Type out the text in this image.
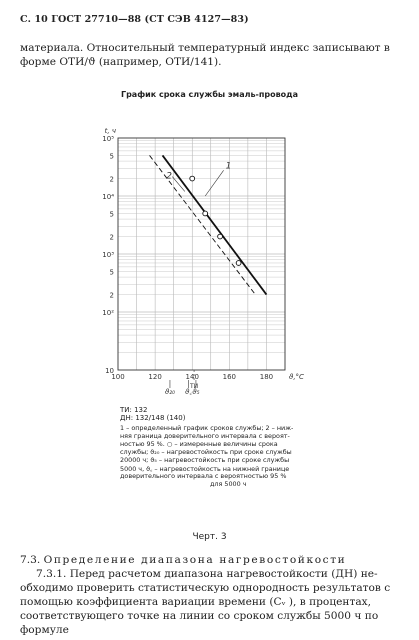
С. 10 ГОСТ 27710—88 (СТ СЭВ 4127—83)
материала. Относительный температурный индекс записывают в
форме ОТИ/ϑ (например, ОТИ/141).
График срока службы эмаль-провода
100	120	140	160	180
10⁵
5
2
10⁴
5
2
10³
5
2
10²
10
t, ч
ϑ,°С
1
2
ТИ
ϑ₂₀ ϑ꜀ ϑ₅
ТИ: 132
ДН: 132/148 (140)
1 – определенный график сроков службы; 2 – ниж-
няя граница доверительного интервала с вероят-
ностью 95 %. ○ – измеренные величины срока
службы; ϑ₂₀ – нагревостойкость при сроке службы
20000 ч; ϑ₅ – нагревостойкость при сроке службы
5000 ч, ϑ꜀ – нагревостойкость на нижней границе
доверительного интервала с вероятностью 95 %
для 5000 ч
Черт. 3
7.3. Определение диапазона нагревостойкости
7.3.1. Перед расчетом диапазона нагревостойкости (ДН) не-
обходимо проверить статистическую однородность результатов с
помощью коэффициента вариации времени (Cᵥ ), в процентах,
соответствующего точке на линии со сроком службы 5000 ч по
формуле
